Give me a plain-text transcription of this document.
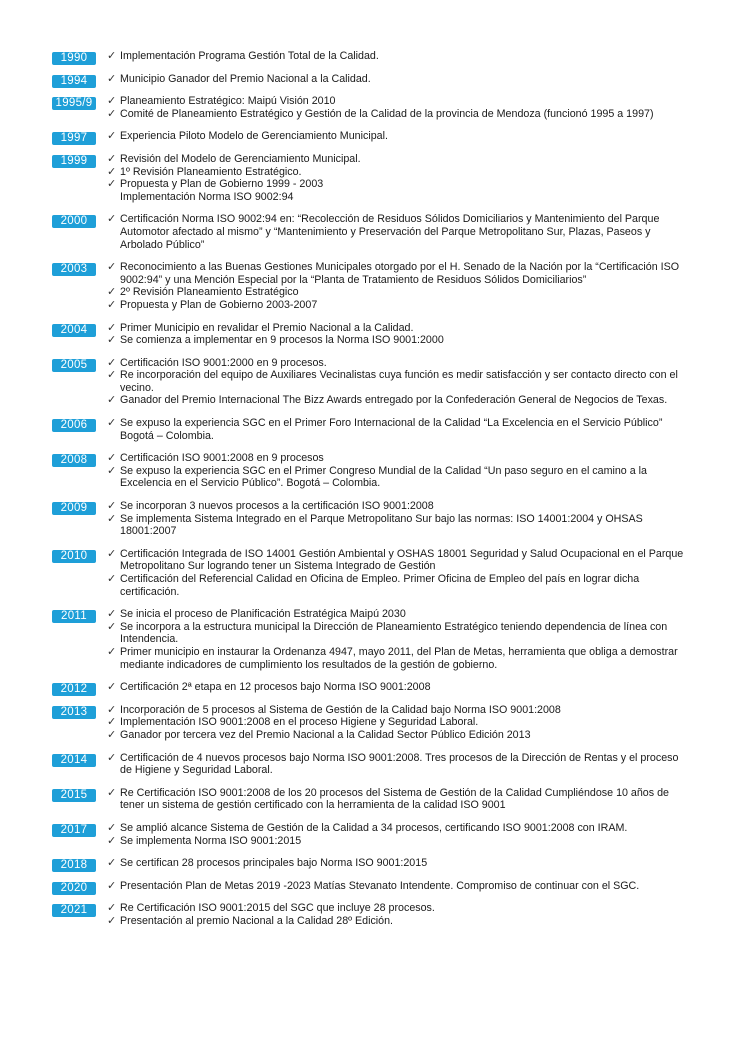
1990	✓ Implementación Programa Gestión Total de la Calidad.
1994	✓ Municipio Ganador del Premio Nacional a la Calidad.
1995/9	✓ Planeamiento Estratégico: Maipú Visión 2010
✓ Comité de Planeamiento Estratégico y Gestión de la Calidad de la provincia de Mendoza (funcionó 1995 a 1997)
1997	✓ Experiencia Piloto Modelo de Gerenciamiento Municipal.
1999	✓ Revisión del Modelo de Gerenciamiento Municipal.
✓ 1º Revisión Planeamiento Estratégico.
✓ Propuesta y Plan de Gobierno 1999 - 2003
Implementación Norma ISO 9002:94
2000	✓ Certificación Norma ISO 9002:94 en: “Recolección de Residuos Sólidos Domiciliarios y Mantenimiento del Parque Automotor afectado al mismo” y “Mantenimiento y Preservación del Parque Metropolitano Sur, Plazas, Paseos y Arbolado Público”
2003	✓ Reconocimiento a las Buenas Gestiones Municipales otorgado por el H. Senado de la Nación por la “Certificación ISO 9002:94” y una Mención Especial por la “Planta de Tratamiento de Residuos Sólidos Domiciliarios”
✓ 2º Revisión Planeamiento Estratégico
✓ Propuesta y Plan de Gobierno 2003-2007
2004	✓ Primer Municipio en revalidar el Premio Nacional a la Calidad.
✓ Se comienza a implementar en 9 procesos la Norma ISO 9001:2000
2005	✓ Certificación ISO 9001:2000 en 9 procesos.
✓ Re incorporación del equipo de Auxiliares Vecinalistas cuya función es medir satisfacción y ser contacto directo con el vecino.
✓ Ganador del Premio Internacional The Bizz Awards entregado por la Confederación General de Negocios de Texas.
2006	✓ Se expuso la experiencia SGC en el Primer Foro Internacional de la Calidad “La Excelencia en el Servicio Público” Bogotá – Colombia.
2008	✓ Certificación ISO 9001:2008 en 9 procesos
✓ Se expuso la experiencia SGC en el Primer Congreso Mundial de la Calidad “Un paso seguro en el camino a la Excelencia en el Servicio Público”. Bogotá – Colombia.
2009	✓ Se incorporan 3 nuevos procesos a la certificación ISO 9001:2008
✓ Se implementa Sistema Integrado en el Parque Metropolitano Sur bajo las normas: ISO 14001:2004 y OHSAS 18001:2007
2010	✓ Certificación Integrada de ISO 14001 Gestión Ambiental y OSHAS 18001 Seguridad y Salud Ocupacional en el Parque Metropolitano Sur logrando tener un Sistema Integrado de Gestión
✓ Certificación del Referencial Calidad en Oficina de Empleo. Primer Oficina de Empleo del país en lograr dicha certificación.
2011	✓ Se inicia el proceso de Planificación Estratégica Maipú 2030
✓ Se incorpora a la estructura municipal la Dirección de Planeamiento Estratégico teniendo dependencia de línea con Intendencia.
✓ Primer municipio en instaurar la Ordenanza 4947, mayo 2011, del Plan de Metas, herramienta que obliga a demostrar mediante indicadores de cumplimiento los resultados de la gestión de gobierno.
2012	✓ Certificación 2ª etapa en 12 procesos bajo Norma ISO 9001:2008
2013	✓ Incorporación de 5 procesos al Sistema de Gestión de la Calidad bajo Norma ISO 9001:2008
✓ Implementación ISO 9001:2008 en el proceso Higiene y Seguridad Laboral.
✓ Ganador por tercera vez del Premio Nacional a la Calidad Sector Público Edición 2013
2014	✓ Certificación de 4 nuevos procesos bajo Norma ISO 9001:2008. Tres procesos de la Dirección de Rentas y el proceso de Higiene y Seguridad Laboral.
2015	✓ Re Certificación ISO 9001:2008 de los 20 procesos del Sistema de Gestión de la Calidad Cumpliéndose 10 años de tener un sistema de gestión certificado con la herramienta de la calidad ISO 9001
2017	✓ Se amplió alcance Sistema de Gestión de la Calidad a 34 procesos, certificando ISO 9001:2008 con IRAM.
✓ Se implementa Norma ISO 9001:2015
2018	✓ Se certifican 28 procesos principales bajo Norma ISO 9001:2015
2020	✓ Presentación Plan de Metas 2019 -2023 Matías Stevanato Intendente. Compromiso de continuar con el SGC.
2021	✓ Re Certificación ISO 9001:2015 del SGC que incluye 28 procesos.
✓ Presentación al premio Nacional a la Calidad 28º Edición.
